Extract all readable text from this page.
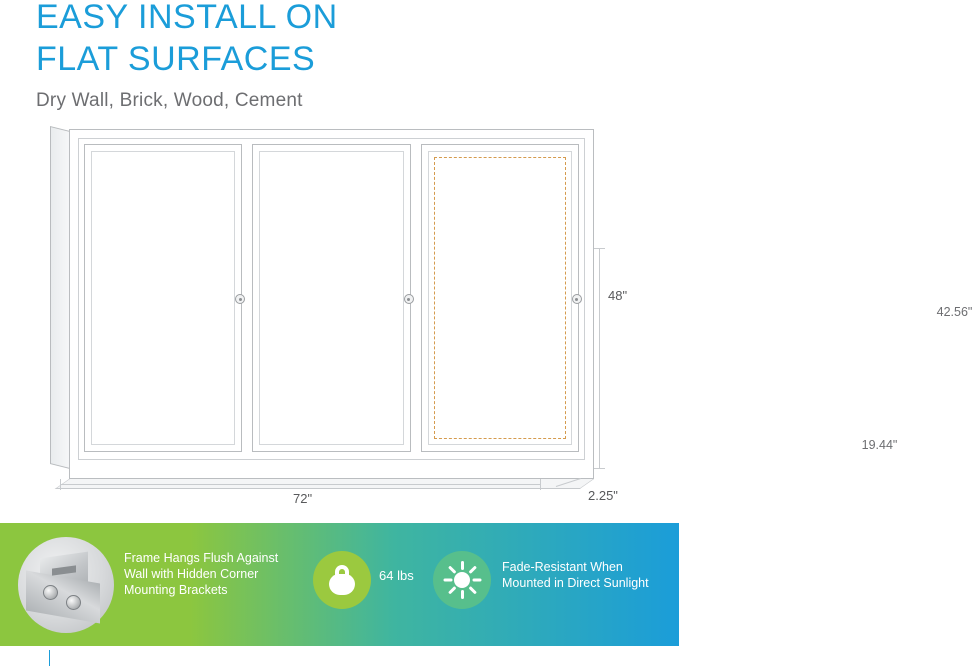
EASY INSTALL ON
FLAT SURFACES
Dry Wall, Brick, Wood, Cement
42.56"
19.44"
48"
72"	2.25"
Frame Hangs Flush Against Wall with Hidden Corner Mounting Brackets
64 lbs
Fade-Resistant When Mounted in Direct Sunlight
